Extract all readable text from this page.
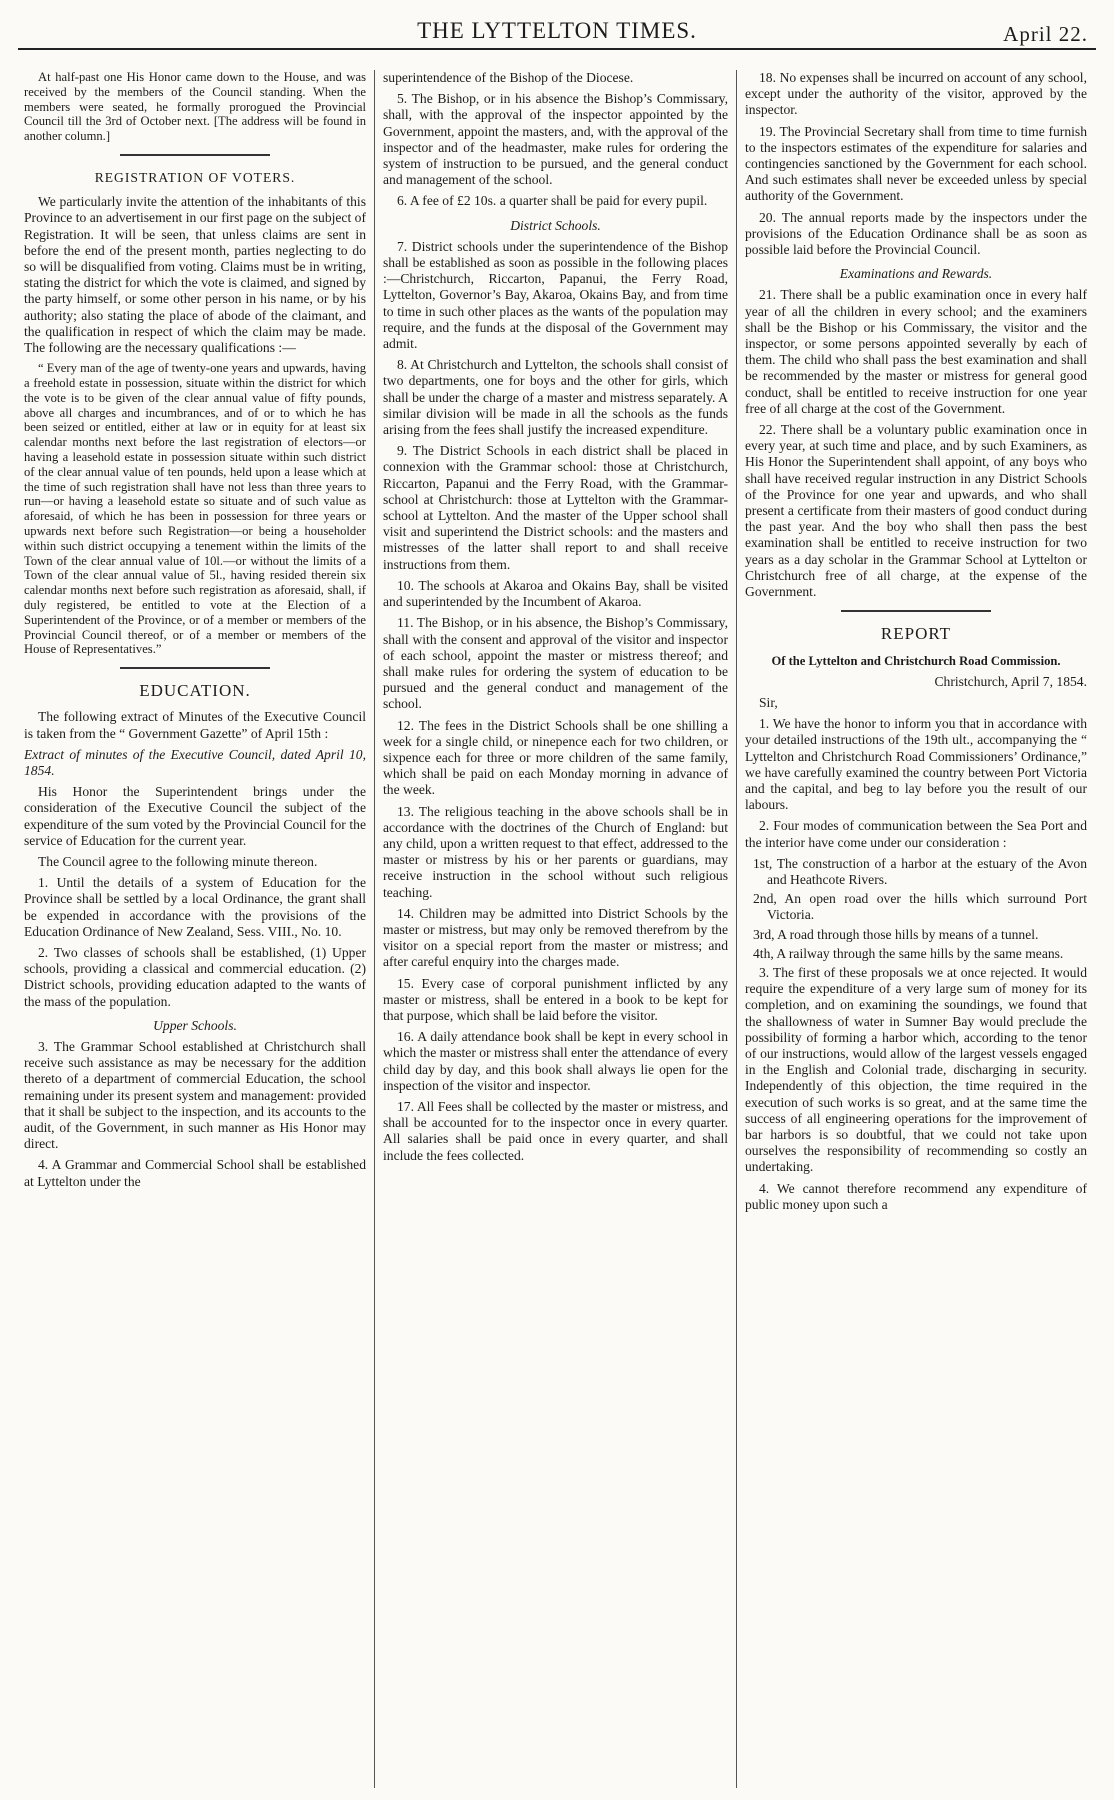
THE LYTTELTON TIMES.	April 22.

At half-past one His Honor came down to the House, and was received by the members of the Council standing. When the members were seated, he formally prorogued the Provincial Council till the 3rd of October next. [The address will be found in another column.]

REGISTRATION OF VOTERS.

We particularly invite the attention of the inhabitants of this Province to an advertisement in our first page on the subject of Registration. It will be seen, that unless claims are sent in before the end of the present month, parties neglecting to do so will be disqualified from voting. Claims must be in writing, stating the district for which the vote is claimed, and signed by the party himself, or some other person in his name, or by his authority; also stating the place of abode of the claimant, and the qualification in respect of which the claim may be made. The following are the necessary qualifications :—

“ Every man of the age of twenty-one years and upwards, having a freehold estate in possession, situate within the district for which the vote is to be given of the clear annual value of fifty pounds, above all charges and incumbrances, and of or to which he has been seized or entitled, either at law or in equity for at least six calendar months next before the last registration of electors—or having a leasehold estate in possession situate within such district of the clear annual value of ten pounds, held upon a lease which at the time of such registration shall have not less than three years to run—or having a leasehold estate so situate and of such value as aforesaid, of which he has been in possession for three years or upwards next before such Registration—or being a householder within such district occupying a tenement within the limits of the Town of the clear annual value of 10l.—or without the limits of a Town of the clear annual value of 5l., having resided therein six calendar months next before such registration as aforesaid, shall, if duly registered, be entitled to vote at the Election of a Superintendent of the Province, or of a member or members of the Provincial Council thereof, or of a member or members of the House of Representatives.”

EDUCATION.

The following extract of Minutes of the Executive Council is taken from the “ Government Gazette” of April 15th :

Extract of minutes of the Executive Council, dated April 10, 1854.

His Honor the Superintendent brings under the consideration of the Executive Council the subject of the expenditure of the sum voted by the Provincial Council for the service of Education for the current year.

The Council agree to the following minute thereon.

1. Until the details of a system of Education for the Province shall be settled by a local Ordinance, the grant shall be expended in accordance with the provisions of the Education Ordinance of New Zealand, Sess. VIII., No. 10.

2. Two classes of schools shall be established, (1) Upper schools, providing a classical and commercial education. (2) District schools, providing education adapted to the wants of the mass of the population.

Upper Schools.

3. The Grammar School established at Christchurch shall receive such assistance as may be necessary for the addition thereto of a department of commercial Education, the school remaining under its present system and management: provided that it shall be subject to the inspection, and its accounts to the audit, of the Government, in such manner as His Honor may direct.

4. A Grammar and Commercial School shall be established at Lyttelton under the

superintendence of the Bishop of the Diocese.

5. The Bishop, or in his absence the Bishop’s Commissary, shall, with the approval of the inspector appointed by the Government, appoint the masters, and, with the approval of the inspector and of the headmaster, make rules for ordering the system of instruction to be pursued, and the general conduct and management of the school.

6. A fee of £2 10s. a quarter shall be paid for every pupil.

District Schools.

7. District schools under the superintendence of the Bishop shall be established as soon as possible in the following places :—Christchurch, Riccarton, Papanui, the Ferry Road, Lyttelton, Governor’s Bay, Akaroa, Okains Bay, and from time to time in such other places as the wants of the population may require, and the funds at the disposal of the Government may admit.

8. At Christchurch and Lyttelton, the schools shall consist of two departments, one for boys and the other for girls, which shall be under the charge of a master and mistress separately. A similar division will be made in all the schools as the funds arising from the fees shall justify the increased expenditure.

9. The District Schools in each district shall be placed in connexion with the Grammar school: those at Christchurch, Riccarton, Papanui and the Ferry Road, with the Grammar-school at Christchurch: those at Lyttelton with the Grammar-school at Lyttelton. And the master of the Upper school shall visit and superintend the District schools: and the masters and mistresses of the latter shall report to and shall receive instructions from them.

10. The schools at Akaroa and Okains Bay, shall be visited and superintended by the Incumbent of Akaroa.

11. The Bishop, or in his absence, the Bishop’s Commissary, shall with the consent and approval of the visitor and inspector of each school, appoint the master or mistress thereof; and shall make rules for ordering the system of education to be pursued and the general conduct and management of the school.

12. The fees in the District Schools shall be one shilling a week for a single child, or ninepence each for two children, or sixpence each for three or more children of the same family, which shall be paid on each Monday morning in advance of the week.

13. The religious teaching in the above schools shall be in accordance with the doctrines of the Church of England: but any child, upon a written request to that effect, addressed to the master or mistress by his or her parents or guardians, may receive instruction in the school without such religious teaching.

14. Children may be admitted into District Schools by the master or mistress, but may only be removed therefrom by the visitor on a special report from the master or mistress; and after careful enquiry into the charges made.

15. Every case of corporal punishment inflicted by any master or mistress, shall be entered in a book to be kept for that purpose, which shall be laid before the visitor.

16. A daily attendance book shall be kept in every school in which the master or mistress shall enter the attendance of every child day by day, and this book shall always lie open for the inspection of the visitor and inspector.

17. All Fees shall be collected by the master or mistress, and shall be accounted for to the inspector once in every quarter. All salaries shall be paid once in every quarter, and shall include the fees collected.

18. No expenses shall be incurred on account of any school, except under the authority of the visitor, approved by the inspector.

19. The Provincial Secretary shall from time to time furnish to the inspectors estimates of the expenditure for salaries and contingencies sanctioned by the Government for each school. And such estimates shall never be exceeded unless by special authority of the Government.

20. The annual reports made by the inspectors under the provisions of the Education Ordinance shall be as soon as possible laid before the Provincial Council.

Examinations and Rewards.

21. There shall be a public examination once in every half year of all the children in every school; and the examiners shall be the Bishop or his Commissary, the visitor and the inspector, or some persons appointed severally by each of them. The child who shall pass the best examination and shall be recommended by the master or mistress for general good conduct, shall be entitled to receive instruction for one year free of all charge at the cost of the Government.

22. There shall be a voluntary public examination once in every year, at such time and place, and by such Examiners, as His Honor the Superintendent shall appoint, of any boys who shall have received regular instruction in any District Schools of the Province for one year and upwards, and who shall present a certificate from their masters of good conduct during the past year. And the boy who shall then pass the best examination shall be entitled to receive instruction for two years as a day scholar in the Grammar School at Lyttelton or Christchurch free of all charge, at the expense of the Government.

REPORT

Of the Lyttelton and Christchurch Road Commission.

Christchurch, April 7, 1854.

Sir,

1. We have the honor to inform you that in accordance with your detailed instructions of the 19th ult., accompanying the “ Lyttelton and Christchurch Road Commissioners’ Ordinance,” we have carefully examined the country between Port Victoria and the capital, and beg to lay before you the result of our labours.

2. Four modes of communication between the Sea Port and the interior have come under our consideration :

1st, The construction of a harbor at the estuary of the Avon and Heathcote Rivers.

2nd, An open road over the hills which surround Port Victoria.

3rd, A road through those hills by means of a tunnel.

4th, A railway through the same hills by the same means.

3. The first of these proposals we at once rejected. It would require the expenditure of a very large sum of money for its completion, and on examining the soundings, we found that the shallowness of water in Sumner Bay would preclude the possibility of forming a harbor which, according to the tenor of our instructions, would allow of the largest vessels engaged in the English and Colonial trade, discharging in security. Independently of this objection, the time required in the execution of such works is so great, and at the same time the success of all engineering operations for the improvement of bar harbors is so doubtful, that we could not take upon ourselves the responsibility of recommending so costly an undertaking.

4. We cannot therefore recommend any expenditure of public money upon such a
